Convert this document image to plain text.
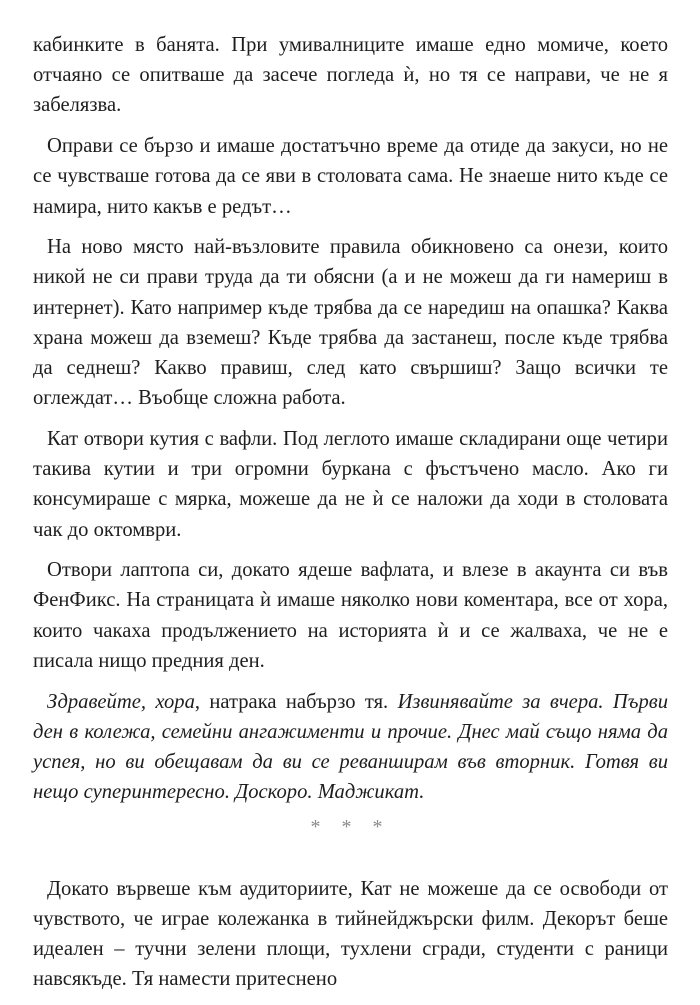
кабинките в банята. При умивалниците имаше едно момиче, което отчаяно се опитваше да засече погледа ѝ, но тя се направи, че не я забелязва.

Оправи се бързо и имаше достатъчно време да отиде да закуси, но не се чувстваше готова да се яви в столовата сама. Не знаеше нито къде се намира, нито какъв е редът…

На ново място най-възловите правила обикновено са онези, които никой не си прави труда да ти обясни (а и не можеш да ги намериш в интернет). Като например къде трябва да се наредиш на опашка? Каква храна можеш да вземеш? Къде трябва да застанеш, после къде трябва да седнеш? Какво правиш, след като свършиш? Защо всички те оглеждат… Въобще сложна работа.

Кат отвори кутия с вафли. Под леглото имаше складирани още четири такива кутии и три огромни буркана с фъстъчено масло. Ако ги консумираше с мярка, можеше да не ѝ се наложи да ходи в столовата чак до октомври.

Отвори лаптопа си, докато ядеше вафлата, и влезе в акаунта си във ФенФикс. На страницата ѝ имаше няколко нови коментара, все от хора, които чакаха продължението на историята ѝ и се жалваха, че не е писала нищо предния ден.

Здравейте, хора, натрака набързо тя. Извинявайте за вчера. Първи ден в колежа, семейни ангажименти и прочие. Днес май също няма да успея, но ви обещавам да ви се реванширам във вторник. Готвя ви нещо суперинтересно. Доскоро. Маджикат.

* * *

Докато вървеше към аудиториите, Кат не можеше да се освободи от чувството, че играе колежанка в тийнейджърски филм. Декорът беше идеален – тучни зелени площи, тухлени сгради, студенти с раници навсякъде. Тя намести притеснено
